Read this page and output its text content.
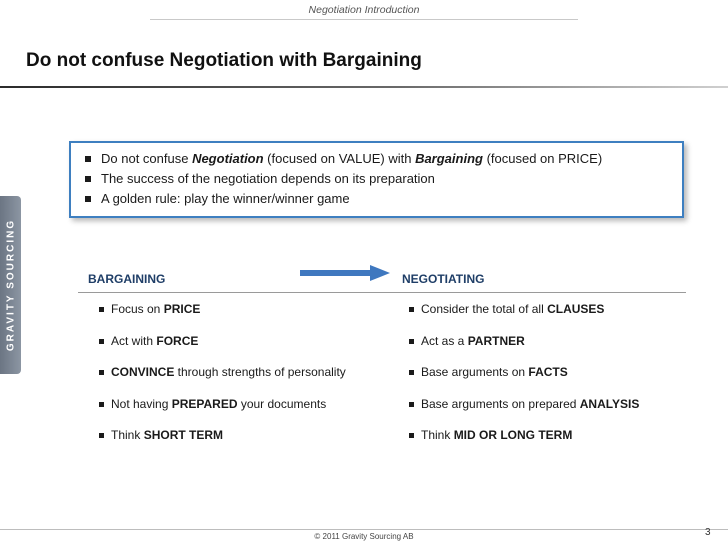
Negotiation Introduction
Do not confuse Negotiation with Bargaining
GRAVITY SOURCING
Do not confuse Negotiation (focused on VALUE) with Bargaining (focused on PRICE)
The success of the negotiation depends on its preparation
A golden rule: play the winner/winner game
BARGAINING	NEGOTIATING
Focus on PRICE
Act with FORCE
CONVINCE through strengths of personality
Not having PREPARED your documents
Think SHORT TERM
Consider the total of all CLAUSES
Act as a PARTNER
Base arguments on FACTS
Base arguments on prepared ANALYSIS
Think MID OR LONG TERM
© 2011 Gravity Sourcing AB	3
